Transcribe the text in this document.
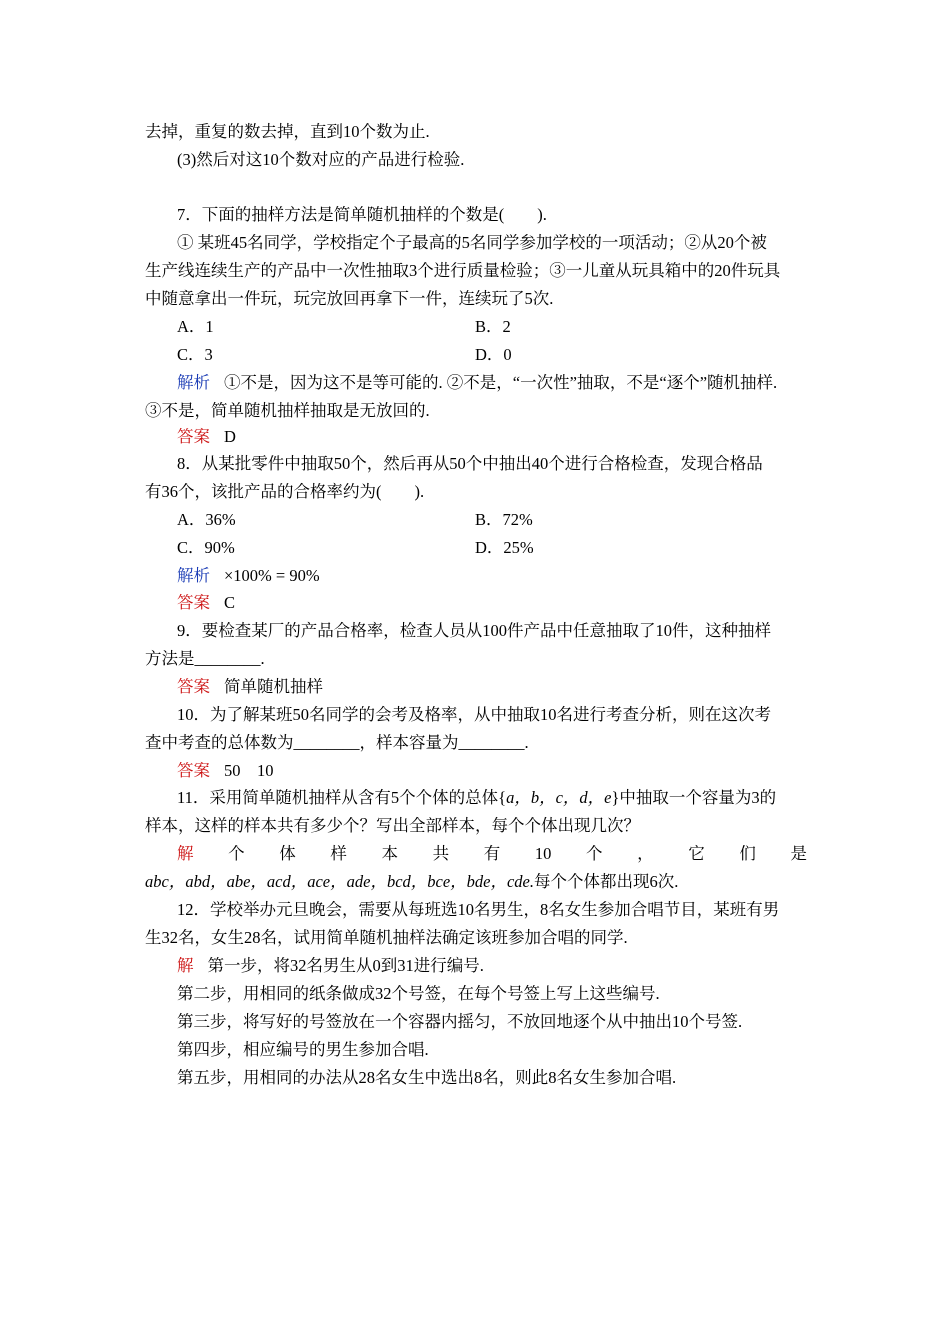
去掉，重复的数去掉，直到10个数为止.
(3)然后对这10个数对应的产品进行检验.
7．下面的抽样方法是简单随机抽样的个数是(　　).
① 某班45名同学，学校指定个子最高的5名同学参加学校的一项活动；②从20个被
生产线连续生产的产品中一次性抽取3个进行质量检验；③一儿童从玩具箱中的20件玩具
中随意拿出一件玩，玩完放回再拿下一件，连续玩了5次.
A．1	B．2
C．3	D．0
解析 ①不是，因为这不是等可能的. ②不是，“一次性”抽取，不是“逐个”随机抽样.
③不是，简单随机抽样抽取是无放回的.
答案 D
8．从某批零件中抽取50个，然后再从50个中抽出40个进行合格检查，发现合格品
有36个，该批产品的合格率约为(　　).
A．36%	B．72%
C．90%	D．25%
解析 ×100% = 90%
答案 C
9．要检查某厂的产品合格率，检查人员从100件产品中任意抽取了10件，这种抽样
方法是________.
答案 简单随机抽样
10．为了解某班50名同学的会考及格率，从中抽取10名进行考查分析，则在这次考
查中考查的总体数为________，样本容量为________.
答案 50　10
11．采用简单随机抽样从含有5个个体的总体{a，b，c，d，e}中抽取一个容量为3的
样本，这样的样本共有多少个？写出全部样本，每个个体出现几次？
解 个 体 样 本 共 有 10 个 ， 它 们 是
abc，abd，abe，acd，ace，ade，bcd，bce，bde，cde.每个个体都出现6次.
12．学校举办元旦晚会，需要从每班选10名男生，8名女生参加合唱节目，某班有男
生32名，女生28名，试用简单随机抽样法确定该班参加合唱的同学.
解 第一步，将32名男生从0到31进行编号.
第二步，用相同的纸条做成32个号签，在每个号签上写上这些编号.
第三步，将写好的号签放在一个容器内摇匀，不放回地逐个从中抽出10个号签.
第四步，相应编号的男生参加合唱.
第五步，用相同的办法从28名女生中选出8名，则此8名女生参加合唱.
